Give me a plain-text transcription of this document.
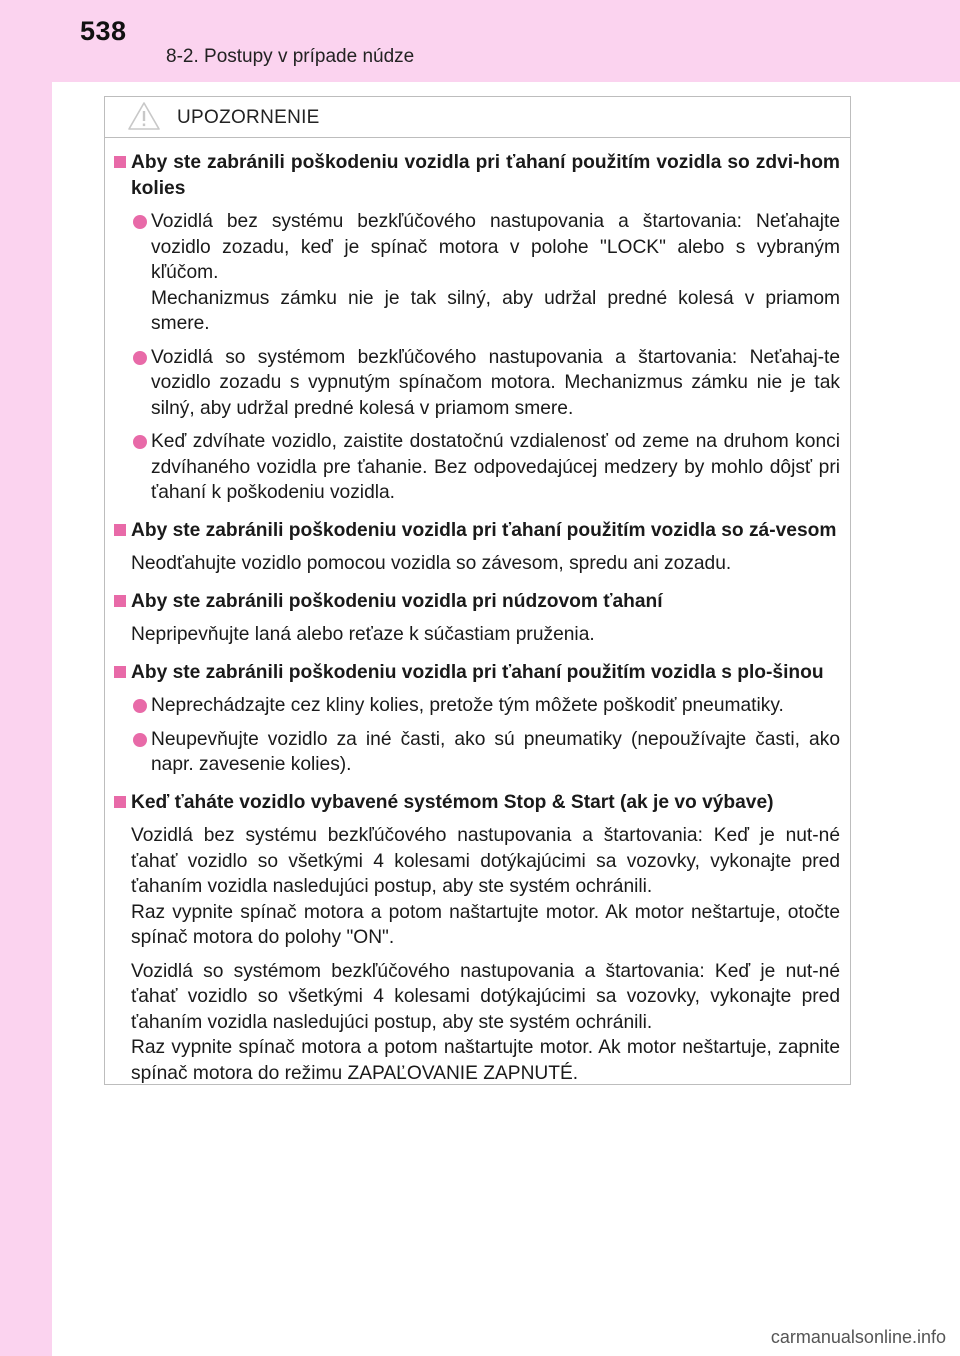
538
8-2. Postupy v prípade núdze
UPOZORNENIE
Aby ste zabránili poškodeniu vozidla pri ťahaní použitím vozidla so zdvi-hom kolies
Vozidlá bez systému bezkľúčového nastupovania a štartovania: Neťahajte vozidlo zozadu, keď je spínač motora v polohe "LOCK" alebo s vybraným kľúčom.
Mechanizmus zámku nie je tak silný, aby udržal predné kolesá v priamom smere.
Vozidlá so systémom bezkľúčového nastupovania a štartovania: Neťahaj-te vozidlo zozadu s vypnutým spínačom motora. Mechanizmus zámku nie je tak silný, aby udržal predné kolesá v priamom smere.
Keď zdvíhate vozidlo, zaistite dostatočnú vzdialenosť od zeme na druhom konci zdvíhaného vozidla pre ťahanie. Bez odpovedajúcej medzery by mohlo dôjsť pri ťahaní k poškodeniu vozidla.
Aby ste zabránili poškodeniu vozidla pri ťahaní použitím vozidla so zá-vesom
Neodťahujte vozidlo pomocou vozidla so závesom, spredu ani zozadu.
Aby ste zabránili poškodeniu vozidla pri núdzovom ťahaní
Nepripevňujte laná alebo reťaze k súčastiam pruženia.
Aby ste zabránili poškodeniu vozidla pri ťahaní použitím vozidla s plo-šinou
Neprechádzajte cez kliny kolies, pretože tým môžete poškodiť pneumatiky.
Neupevňujte vozidlo za iné časti, ako sú pneumatiky (nepoužívajte časti, ako napr. zavesenie kolies).
Keď ťaháte vozidlo vybavené systémom Stop & Start (ak je vo výbave)
Vozidlá bez systému bezkľúčového nastupovania a štartovania: Keď je nut-né ťahať vozidlo so všetkými 4 kolesami dotýkajúcimi sa vozovky, vykonajte pred ťahaním vozidla nasledujúci postup, aby ste systém ochránili.
Raz vypnite spínač motora a potom naštartujte motor. Ak motor neštartuje, otočte spínač motora do polohy "ON".
Vozidlá so systémom bezkľúčového nastupovania a štartovania: Keď je nut-né ťahať vozidlo so všetkými 4 kolesami dotýkajúcimi sa vozovky, vykonajte pred ťahaním vozidla nasledujúci postup, aby ste systém ochránili.
Raz vypnite spínač motora a potom naštartujte motor. Ak motor neštartuje, zapnite spínač motora do režimu ZAPAĽOVANIE ZAPNUTÉ.
carmanualsonline.info
